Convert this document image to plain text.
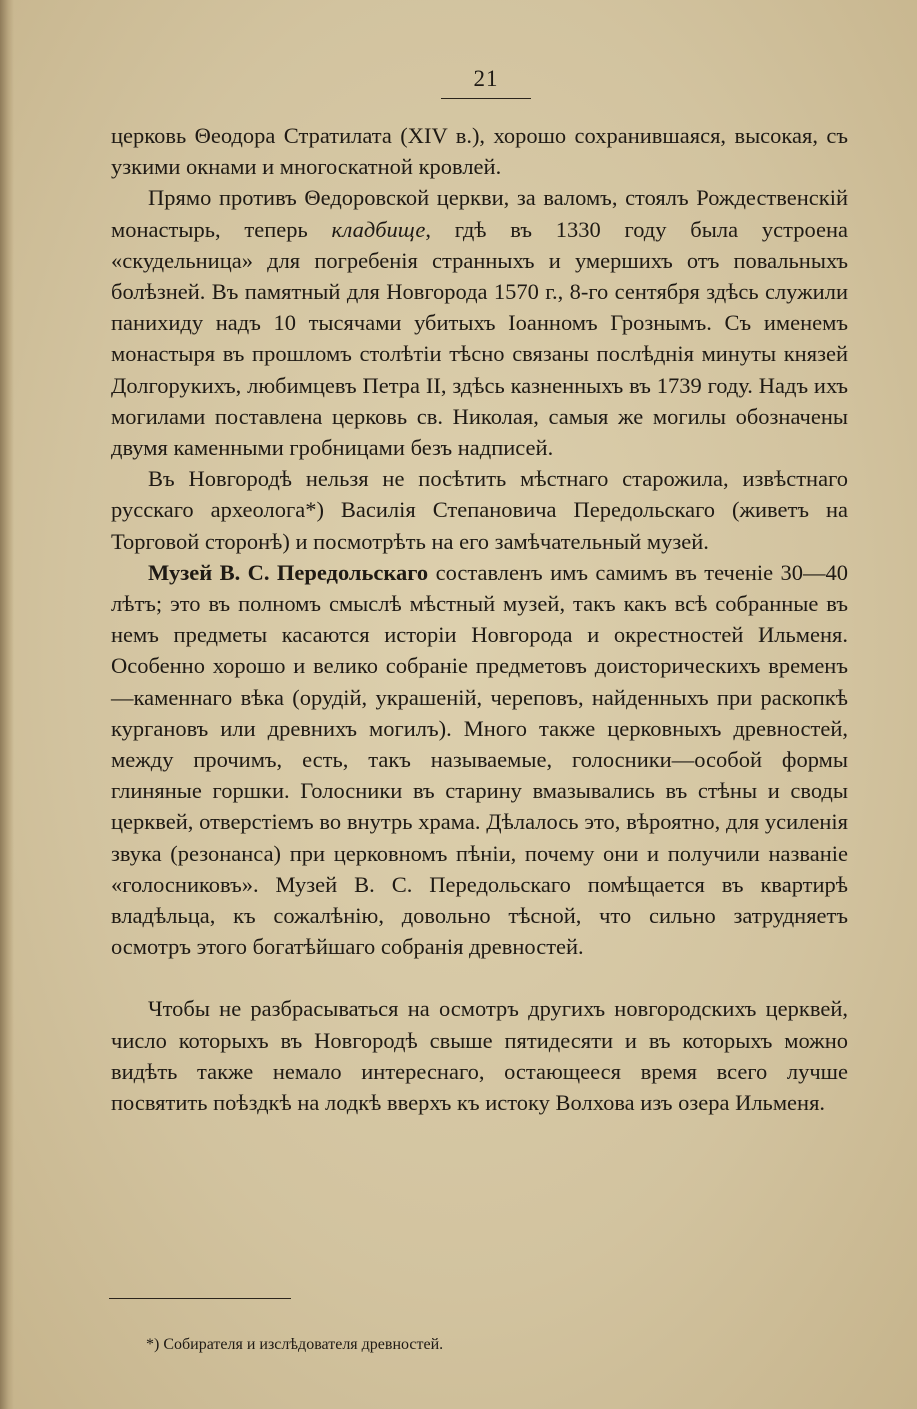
21

церковь Θеодора Стратилата (XIV в.), хорошо сохранившаяся, высокая, съ узкими окнами и многоскатной кровлей.

Прямо противъ Θедоровской церкви, за валомъ, стоялъ Рождественскій монастырь, теперь кладбище, гдѣ въ 1330 году была устроена «скудельница» для погребенія странныхъ и умершихъ отъ повальныхъ болѣзней. Въ памятный для Новгорода 1570 г., 8-го сентября здѣсь служили панихиду надъ 10 тысячами убитыхъ Іоанномъ Грознымъ. Съ именемъ монастыря въ прошломъ столѣтіи тѣсно связаны послѣднія минуты князей Долгорукихъ, любимцевъ Петра II, здѣсь казненныхъ въ 1739 году. Надъ ихъ могилами поставлена церковь св. Николая, самыя же могилы обозначены двумя каменными гробницами безъ надписей.

Въ Новгородѣ нельзя не посѣтить мѣстнаго старожила, извѣстнаго русскаго археолога*) Василія Степановича Передольскаго (живетъ на Торговой сторонѣ) и посмотрѣть на его замѣчательный музей.

Музей В. С. Передольскаго составленъ имъ самимъ въ теченіе 30—40 лѣтъ; это въ полномъ смыслѣ мѣстный музей, такъ какъ всѣ собранные въ немъ предметы касаются исторіи Новгорода и окрестностей Ильменя. Особенно хорошо и велико собраніе предметовъ доисторическихъ временъ—каменнаго вѣка (орудій, украшеній, череповъ, найденныхъ при раскопкѣ кургановъ или древнихъ могилъ). Много также церковныхъ древностей, между прочимъ, есть, такъ называемые, голосники—особой формы глиняные горшки. Голосники въ старину вмазывались въ стѣны и своды церквей, отверстіемъ во внутрь храма. Дѣлалось это, вѣроятно, для усиленія звука (резонанса) при церковномъ пѣніи, почему они и получили названіе «голосниковъ». Музей В. С. Передольскаго помѣщается въ квартирѣ владѣльца, къ сожалѣнію, довольно тѣсной, что сильно затрудняетъ осмотръ этого богатѣйшаго собранія древностей.

Чтобы не разбрасываться на осмотръ другихъ новгородскихъ церквей, число которыхъ въ Новгородѣ свыше пятидесяти и въ которыхъ можно видѣть также немало интереснаго, остающееся время всего лучше посвятить поѣздкѣ на лодкѣ вверхъ къ истоку Волхова изъ озера Ильменя.

*) Собирателя и изслѣдователя древностей.
